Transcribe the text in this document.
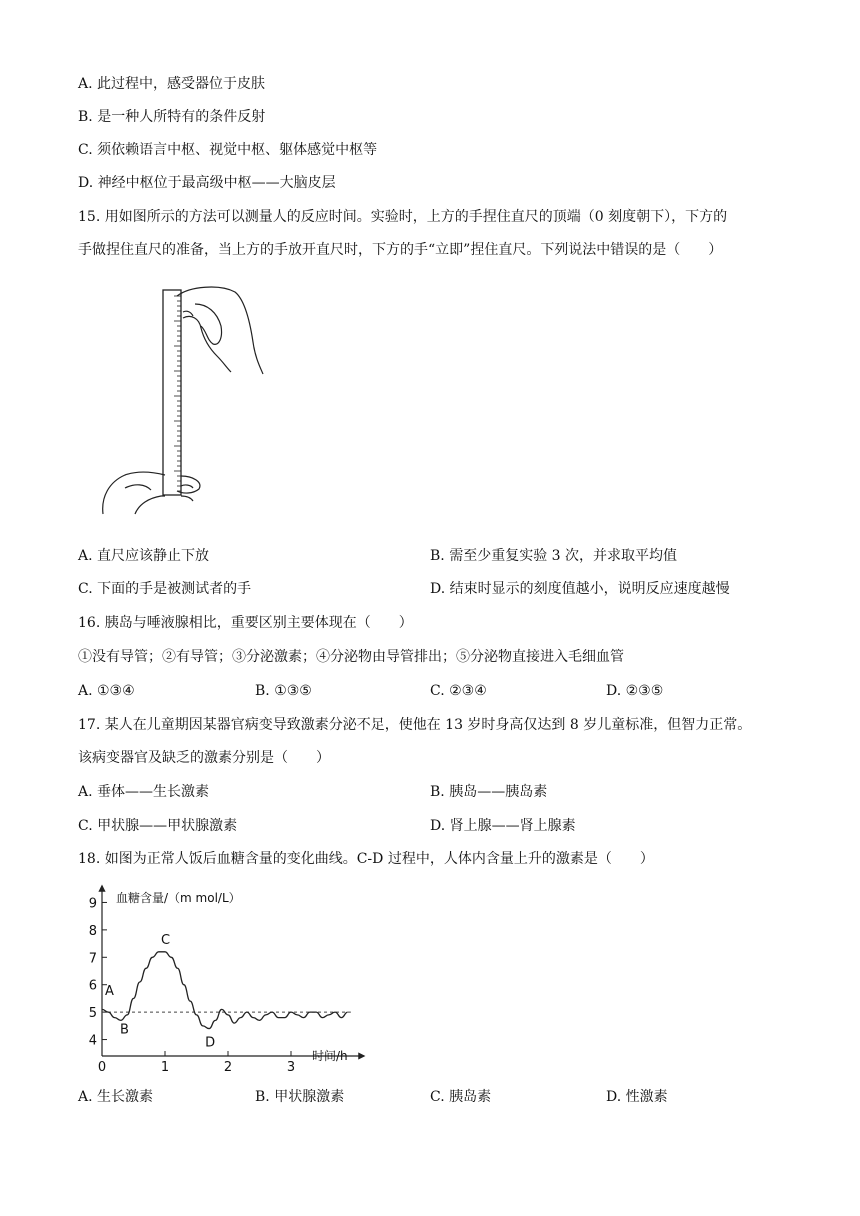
A. 此过程中，感受器位于皮肤
B. 是一种人所特有的条件反射
C. 须依赖语言中枢、视觉中枢、躯体感觉中枢等
D. 神经中枢位于最高级中枢——大脑皮层
15. 用如图所示的方法可以测量人的反应时间。实验时，上方的手捏住直尺的顶端（0 刻度朝下），下方的
手做捏住直尺的准备，当上方的手放开直尺时，下方的手“立即”捏住直尺。下列说法中错误的是（　　）
A. 直尺应该静止下放	B. 需至少重复实验 3 次，并求取平均值
C. 下面的手是被测试者的手	D. 结束时显示的刻度值越小，说明反应速度越慢
16. 胰岛与唾液腺相比，重要区别主要体现在（　　）
①没有导管；②有导管；③分泌激素；④分泌物由导管排出；⑤分泌物直接进入毛细血管
A. ①③④	B. ①③⑤	C. ②③④	D. ②③⑤
17. 某人在儿童期因某器官病变导致激素分泌不足，使他在 13 岁时身高仅达到 8 岁儿童标准，但智力正常。
该病变器官及缺乏的激素分别是（　　）
A. 垂体——生长激素	B. 胰岛——胰岛素
C. 甲状腺——甲状腺激素	D. 肾上腺——肾上腺素
18. 如图为正常人饭后血糖含量的变化曲线。C-D 过程中，人体内含量上升的激素是（　　）
血糖含量/（m mol/L）
时间/h
4
5
6
7
8
9
0	1	2	3
A
B
C
D
A. 生长激素	B. 甲状腺激素	C. 胰岛素	D. 性激素
